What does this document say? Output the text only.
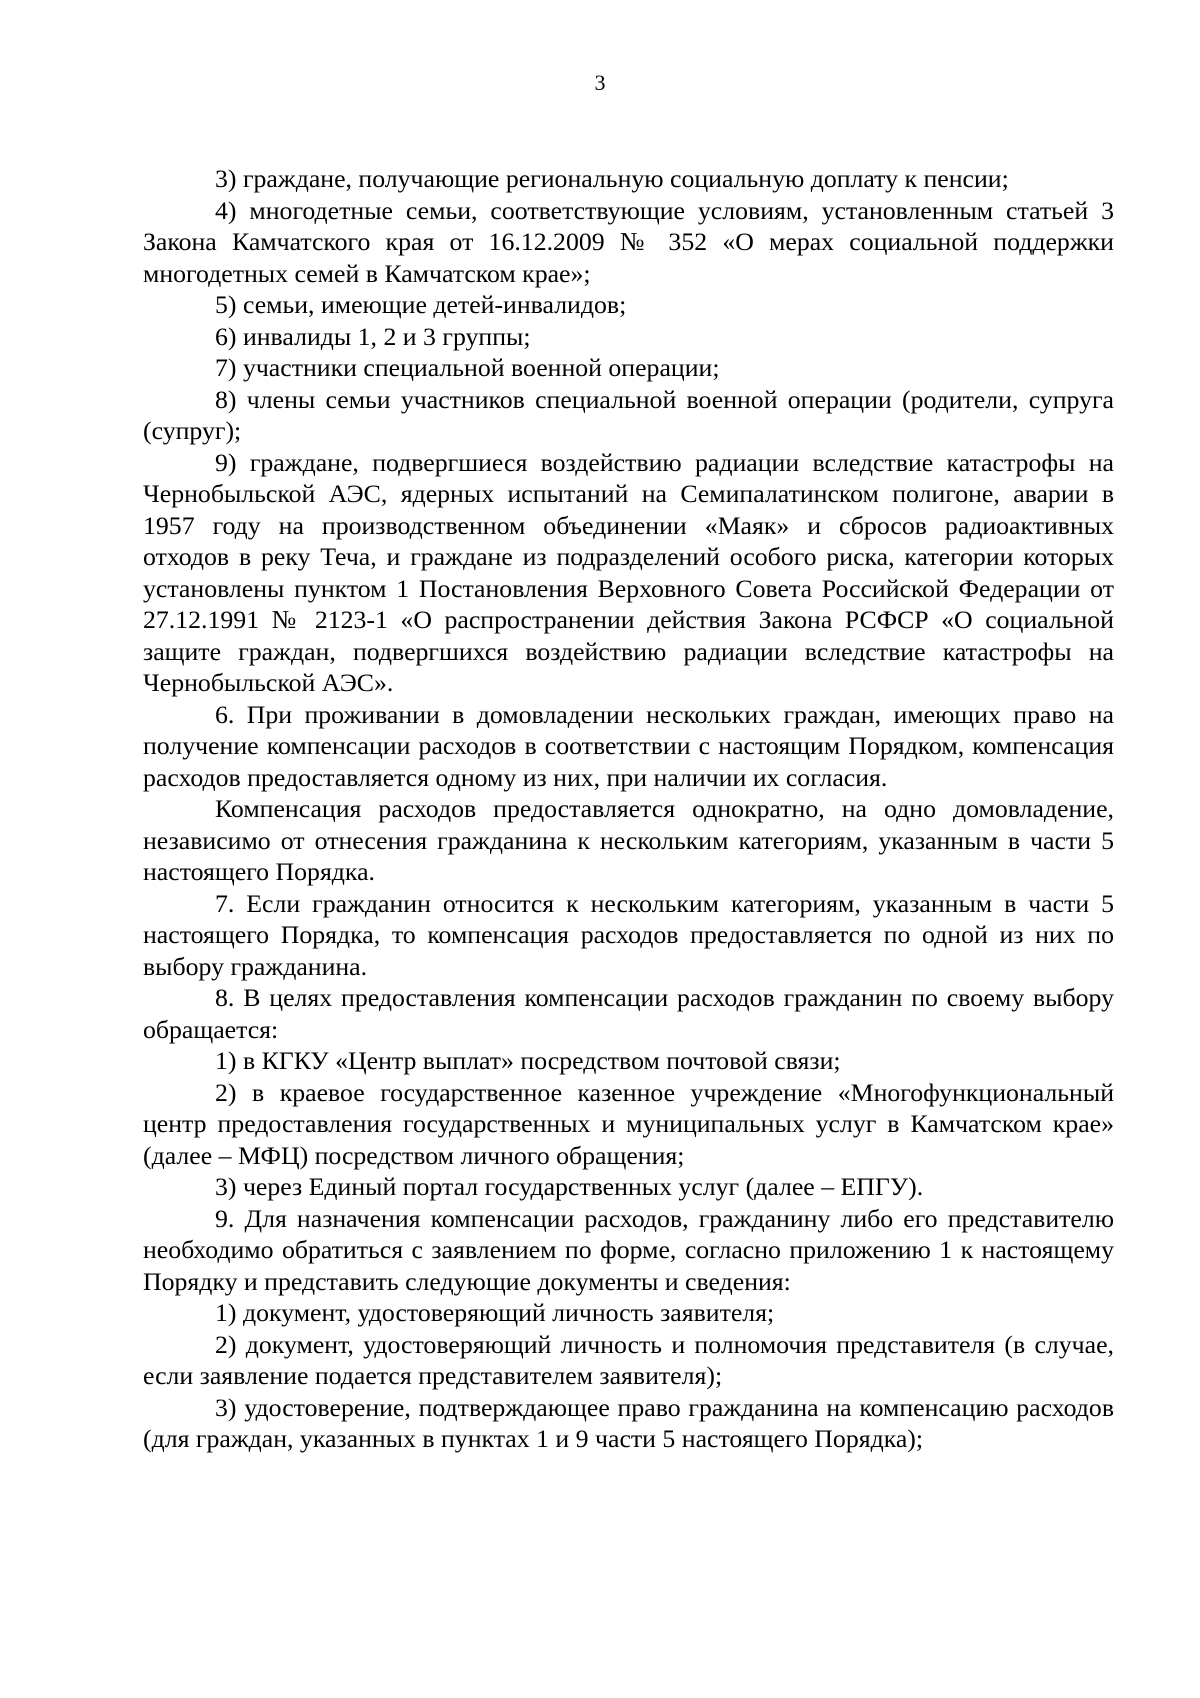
3

3) граждане, получающие региональную социальную доплату к пенсии;

4) многодетные семьи, соответствующие условиям, установленным статьей 3 Закона Камчатского края от 16.12.2009 № 352 «О мерах социальной поддержки многодетных семей в Камчатском крае»;

5) семьи, имеющие детей-инвалидов;

6) инвалиды 1, 2 и 3 группы;

7) участники специальной военной операции;

8) члены семьи участников специальной военной операции (родители, супруга (супруг);

9) граждане, подвергшиеся воздействию радиации вследствие катастрофы на Чернобыльской АЭС, ядерных испытаний на Семипалатинском полигоне, аварии в 1957 году на производственном объединении «Маяк» и сбросов радиоактивных отходов в реку Теча, и граждане из подразделений особого риска, категории которых установлены пунктом 1 Постановления Верховного Совета Российской Федерации от 27.12.1991 № 2123-1 «О распространении действия Закона РСФСР «О социальной защите граждан, подвергшихся воздействию радиации вследствие катастрофы на Чернобыльской АЭС».

6. При проживании в домовладении нескольких граждан, имеющих право на получение компенсации расходов в соответствии с настоящим Порядком, компенсация расходов предоставляется одному из них, при наличии их согласия.

Компенсация расходов предоставляется однократно, на одно домовладение, независимо от отнесения гражданина к нескольким категориям, указанным в части 5 настоящего Порядка.

7. Если гражданин относится к нескольким категориям, указанным в части 5 настоящего Порядка, то компенсация расходов предоставляется по одной из них по выбору гражданина.

8. В целях предоставления компенсации расходов гражданин по своему выбору обращается:

1) в КГКУ «Центр выплат» посредством почтовой связи;

2) в краевое государственное казенное учреждение «Многофункциональный центр предоставления государственных и муниципальных услуг в Камчатском крае» (далее – МФЦ) посредством личного обращения;

3) через Единый портал государственных услуг (далее – ЕПГУ).

9. Для назначения компенсации расходов, гражданину либо его представителю необходимо обратиться с заявлением по форме, согласно приложению 1 к настоящему Порядку и представить следующие документы и сведения:

1) документ, удостоверяющий личность заявителя;

2) документ, удостоверяющий личность и полномочия представителя (в случае, если заявление подается представителем заявителя);

3) удостоверение, подтверждающее право гражданина на компенсацию расходов (для граждан, указанных в пунктах 1 и 9 части 5 настоящего Порядка);
